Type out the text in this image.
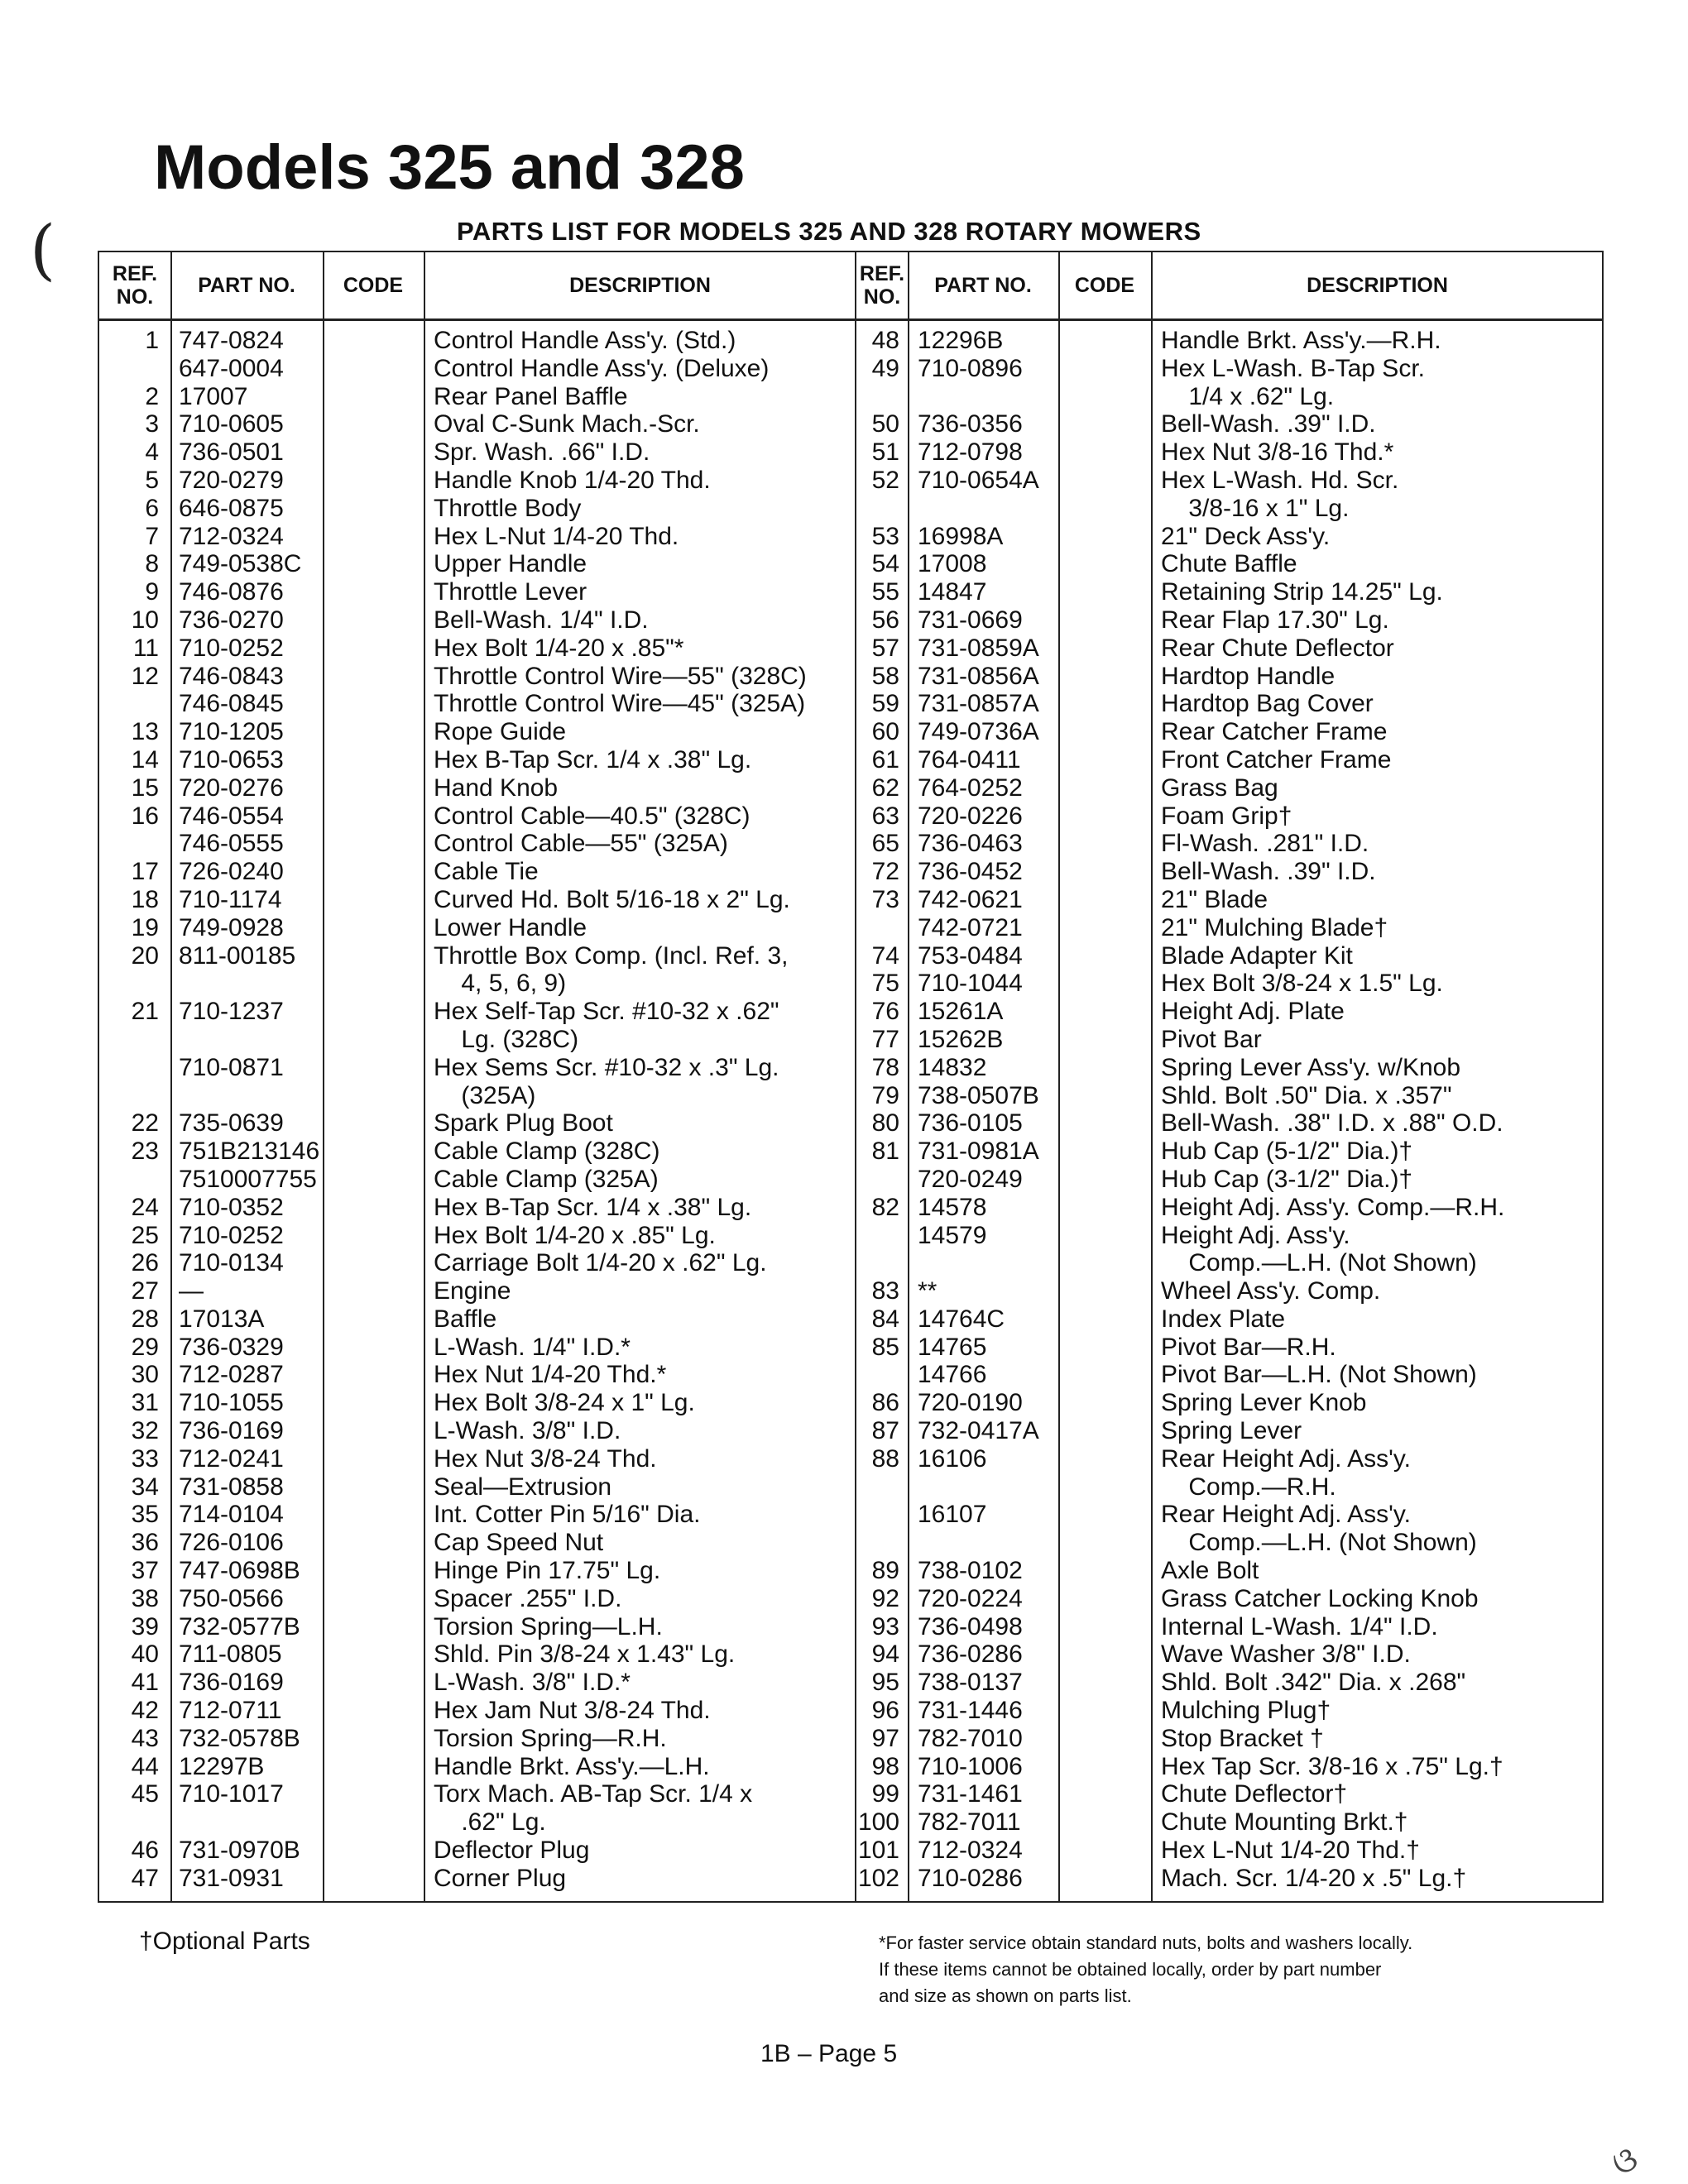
(
Models 325 and 328
PARTS LIST FOR MODELS 325 AND 328 ROTARY MOWERS
REF. NO.	PART NO.	CODE	DESCRIPTION
1 747-0824	Control Handle Ass'y. (Std.)
647-0004	Control Handle Ass'y. (Deluxe)
2 17007	Rear Panel Baffle
3 710-0605	Oval C-Sunk Mach.-Scr.
4 736-0501	Spr. Wash. .66" I.D.
5 720-0279	Handle Knob 1/4-20 Thd.
6 646-0875	Throttle Body
7 712-0324	Hex L-Nut 1/4-20 Thd.
8 749-0538C	Upper Handle
9 746-0876	Throttle Lever
10 736-0270	Bell-Wash. 1/4" I.D.
11 710-0252	Hex Bolt 1/4-20 x .85"*
12 746-0843	Throttle Control Wire—55" (328C)
746-0845	Throttle Control Wire—45" (325A)
13 710-1205	Rope Guide
14 710-0653	Hex B-Tap Scr. 1/4 x .38" Lg.
15 720-0276	Hand Knob
16 746-0554	Control Cable—40.5" (328C)
746-0555	Control Cable—55" (325A)
17 726-0240	Cable Tie
18 710-1174	Curved Hd. Bolt 5/16-18 x 2" Lg.
19 749-0928	Lower Handle
20 811-00185	Throttle Box Comp. (Incl. Ref. 3,
4, 5, 6, 9)
21 710-1237	Hex Self-Tap Scr. #10-32 x .62"
Lg. (328C)
710-0871	Hex Sems Scr. #10-32 x .3" Lg.
(325A)
22 735-0639	Spark Plug Boot
23 751B213146	Cable Clamp (328C)
7510007755	Cable Clamp (325A)
24 710-0352	Hex B-Tap Scr. 1/4 x .38" Lg.
25 710-0252	Hex Bolt 1/4-20 x .85" Lg.
26 710-0134	Carriage Bolt 1/4-20 x .62" Lg.
27 —	Engine
28 17013A	Baffle
29 736-0329	L-Wash. 1/4" I.D.*
30 712-0287	Hex Nut 1/4-20 Thd.*
31 710-1055	Hex Bolt 3/8-24 x 1" Lg.
32 736-0169	L-Wash. 3/8" I.D.
33 712-0241	Hex Nut 3/8-24 Thd.
34 731-0858	Seal—Extrusion
35 714-0104	Int. Cotter Pin 5/16" Dia.
36 726-0106	Cap Speed Nut
37 747-0698B	Hinge Pin 17.75" Lg.
38 750-0566	Spacer .255" I.D.
39 732-0577B	Torsion Spring—L.H.
40 711-0805	Shld. Pin 3/8-24 x 1.43" Lg.
41 736-0169	L-Wash. 3/8" I.D.*
42 712-0711	Hex Jam Nut 3/8-24 Thd.
43 732-0578B	Torsion Spring—R.H.
44 12297B	Handle Brkt. Ass'y.—L.H.
45 710-1017	Torx Mach. AB-Tap Scr. 1/4 x
.62" Lg.
46 731-0970B	Deflector Plug
47 731-0931	Corner Plug
REF. NO.	PART NO.	CODE	DESCRIPTION
48 12296B	Handle Brkt. Ass'y.—R.H.
49 710-0896	Hex L-Wash. B-Tap Scr.
1/4 x .62" Lg.
50 736-0356	Bell-Wash. .39" I.D.
51 712-0798	Hex Nut 3/8-16 Thd.*
52 710-0654A	Hex L-Wash. Hd. Scr.
3/8-16 x 1" Lg.
53 16998A	21" Deck Ass'y.
54 17008	Chute Baffle
55 14847	Retaining Strip 14.25" Lg.
56 731-0669	Rear Flap 17.30" Lg.
57 731-0859A	Rear Chute Deflector
58 731-0856A	Hardtop Handle
59 731-0857A	Hardtop Bag Cover
60 749-0736A	Rear Catcher Frame
61 764-0411	Front Catcher Frame
62 764-0252	Grass Bag
63 720-0226	Foam Grip†
65 736-0463	Fl-Wash. .281" I.D.
72 736-0452	Bell-Wash. .39" I.D.
73 742-0621	21" Blade
742-0721	21" Mulching Blade†
74 753-0484	Blade Adapter Kit
75 710-1044	Hex Bolt 3/8-24 x 1.5" Lg.
76 15261A	Height Adj. Plate
77 15262B	Pivot Bar
78 14832	Spring Lever Ass'y. w/Knob
79 738-0507B	Shld. Bolt .50" Dia. x .357"
80 736-0105	Bell-Wash. .38" I.D. x .88" O.D.
81 731-0981A	Hub Cap (5-1/2" Dia.)†
720-0249	Hub Cap (3-1/2" Dia.)†
82 14578	Height Adj. Ass'y. Comp.—R.H.
14579	Height Adj. Ass'y.
Comp.—L.H. (Not Shown)
83 **	Wheel Ass'y. Comp.
84 14764C	Index Plate
85 14765	Pivot Bar—R.H.
14766	Pivot Bar—L.H. (Not Shown)
86 720-0190	Spring Lever Knob
87 732-0417A	Spring Lever
88 16106	Rear Height Adj. Ass'y.
Comp.—R.H.
16107	Rear Height Adj. Ass'y.
Comp.—L.H. (Not Shown)
89 738-0102	Axle Bolt
92 720-0224	Grass Catcher Locking Knob
93 736-0498	Internal L-Wash. 1/4" I.D.
94 736-0286	Wave Washer 3/8" I.D.
95 738-0137	Shld. Bolt .342" Dia. x .268"
96 731-1446	Mulching Plug†
97 782-7010	Stop Bracket †
98 710-1006	Hex Tap Scr. 3/8-16 x .75" Lg.†
99 731-1461	Chute Deflector†
100 782-7011	Chute Mounting Brkt.†
101 712-0324	Hex L-Nut 1/4-20 Thd.†
102 710-0286	Mach. Scr. 1/4-20 x .5" Lg.†
†Optional Parts	*For faster service obtain standard nuts, bolts and washers locally.
If these items cannot be obtained locally, order by part number
and size as shown on parts list.
1B – Page 5
ଓ
